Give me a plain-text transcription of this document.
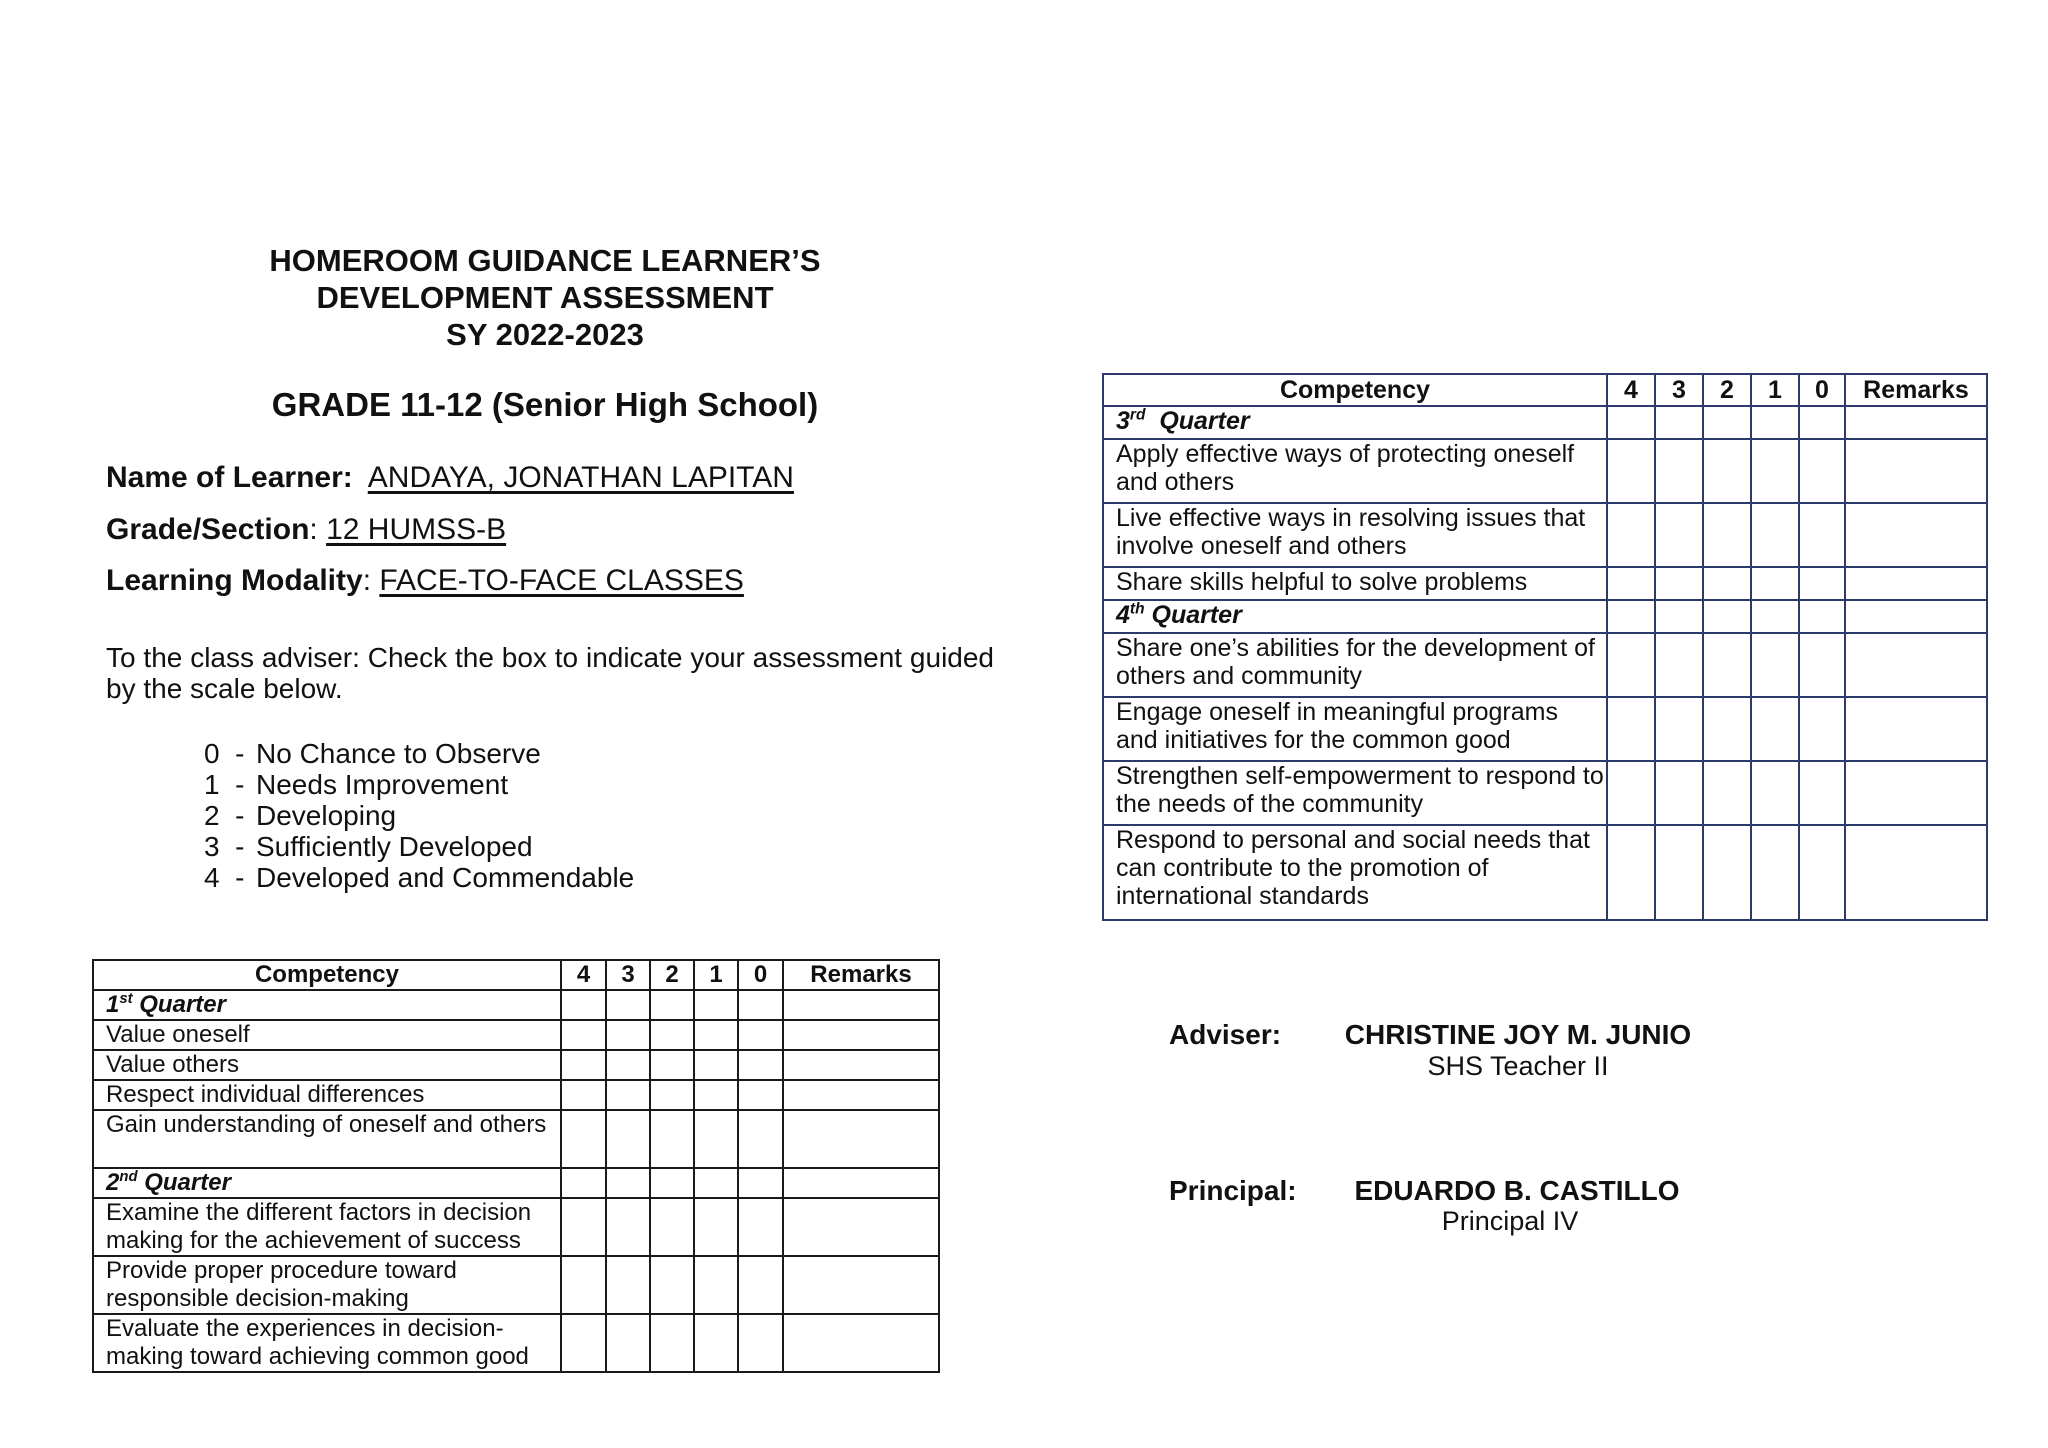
HOMEROOM GUIDANCE LEARNER’S
DEVELOPMENT ASSESSMENT
SY 2022-2023
GRADE 11-12 (Senior High School)
Name of Learner: ANDAYA, JONATHAN LAPITAN
Grade/Section: 12 HUMSS-B
Learning Modality: FACE-TO-FACE CLASSES
To the class adviser: Check the box to indicate your assessment guided by the scale below.
0 - No Chance to Observe
1 - Needs Improvement
2 - Developing
3 - Sufficiently Developed
4 - Developed and Commendable
Competency	4	3	2	1	0	Remarks
1st Quarter						
Value oneself						
Value others						
Respect individual differences						
Gain understanding of oneself and others						
2nd Quarter						
Examine the different factors in decision making for the achievement of success						
Provide proper procedure toward responsible decision-making						
Evaluate the experiences in decision-making toward achieving common good						
Competency	4	3	2	1	0	Remarks
3rd Quarter						
Apply effective ways of protecting oneself and others						
Live effective ways in resolving issues that involve oneself and others						
Share skills helpful to solve problems						
4th Quarter						
Share one’s abilities for the development of others and community						
Engage oneself in meaningful programs and initiatives for the common good						
Strengthen self-empowerment to respond to the needs of the community						
Respond to personal and social needs that can contribute to the promotion of international standards						
Adviser:	CHRISTINE JOY M. JUNIO
SHS Teacher II
Principal:	EDUARDO B. CASTILLO
Principal IV
